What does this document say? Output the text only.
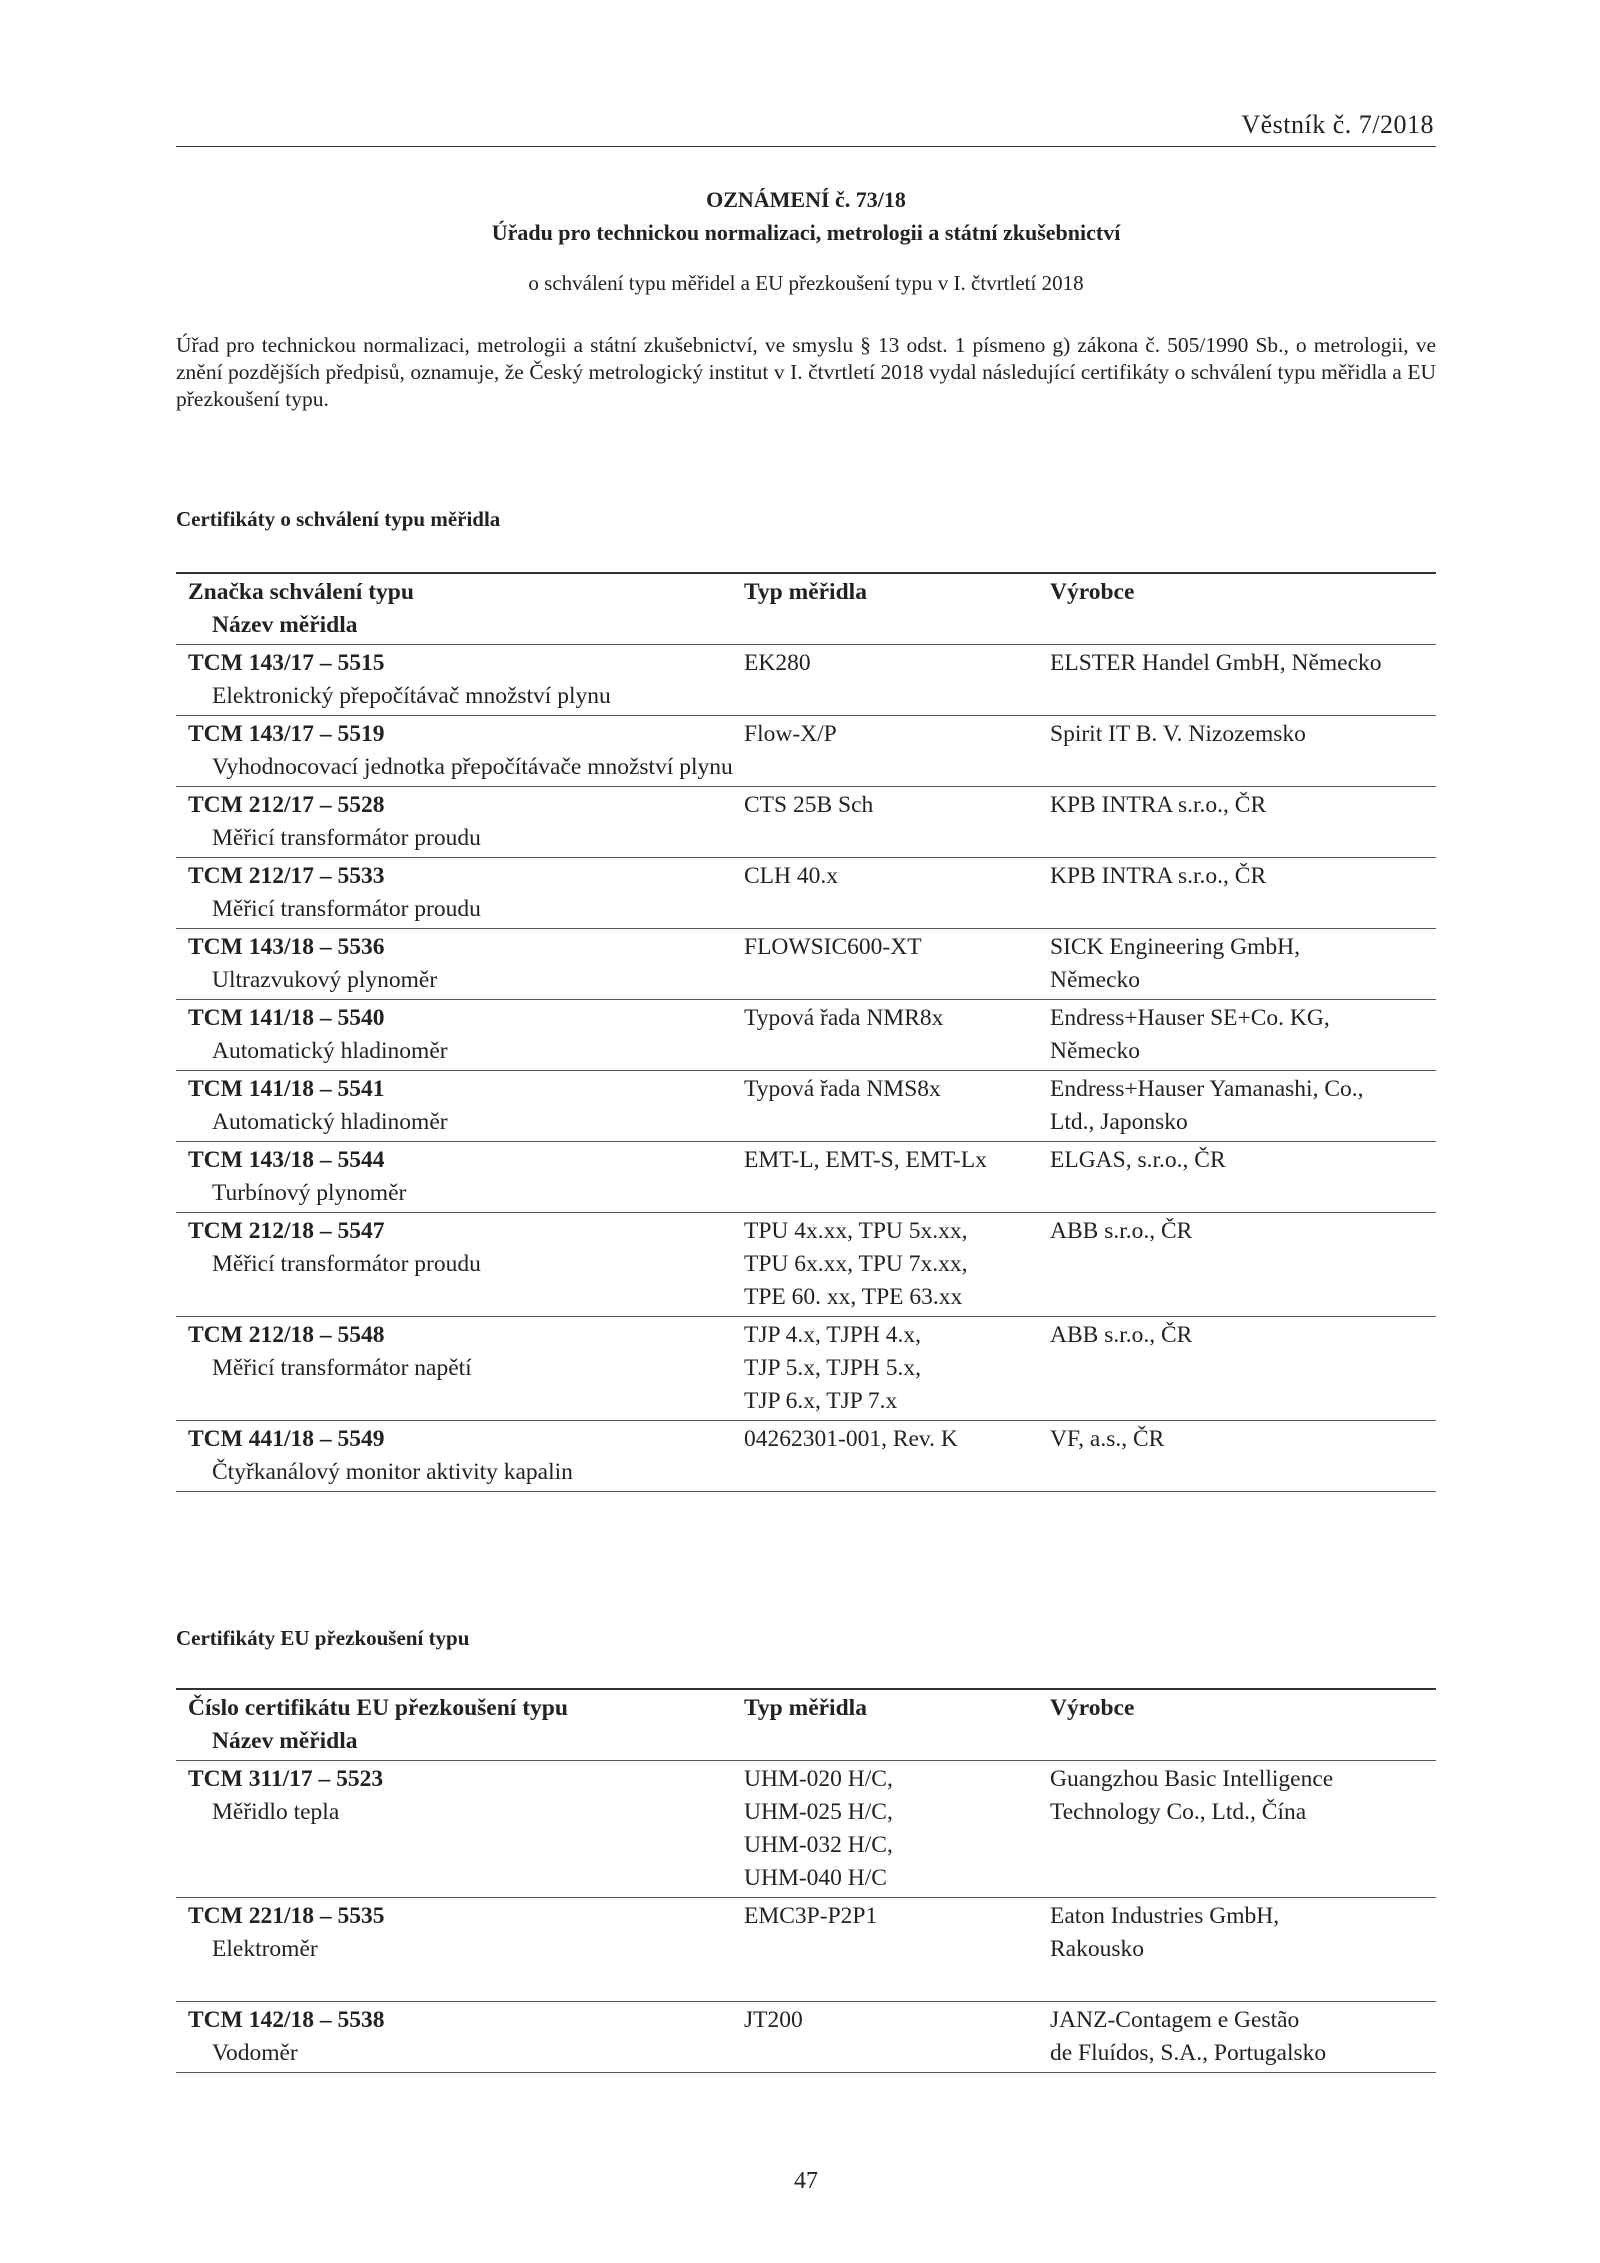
Věstník č. 7/2018
OZNÁMENÍ č. 73/18
Úřadu pro technickou normalizaci, metrologii a státní zkušebnictví
o schválení typu měřidel a EU přezkoušení typu v I. čtvrtletí 2018
Úřad pro technickou normalizaci, metrologii a státní zkušebnictví, ve smyslu § 13 odst. 1 písmeno g) zákona č. 505/1990 Sb., o metrologii, ve znění pozdějších předpisů, oznamuje, že Český metrologický institut v I. čtvrtletí 2018 vydal následující certifikáty o schválení typu měřidla a EU přezkoušení typu.
Certifikáty o schválení typu měřidla
Značka schválení typu
Název měřidla	Typ měřidla	Výrobce

TCM 143/17 – 5515
Elektronický přepočítávač množství plynu	EK280	ELSTER Handel GmbH, Německo

TCM 143/17 – 5519
Vyhodnocovací jednotka přepočítávače množství plynu	Flow-X/P	Spirit IT B. V. Nizozemsko

TCM 212/17 – 5528
Měřicí transformátor proudu	CTS 25B Sch	KPB INTRA s.r.o., ČR

TCM 212/17 – 5533
Měřicí transformátor proudu	CLH 40.x	KPB INTRA s.r.o., ČR

TCM 143/18 – 5536
Ultrazvukový plynoměr	FLOWSIC600-XT	SICK Engineering GmbH,
Německo

TCM 141/18 – 5540
Automatický hladinoměr	Typová řada NMR8x	Endress+Hauser SE+Co. KG,
Německo

TCM 141/18 – 5541
Automatický hladinoměr	Typová řada NMS8x	Endress+Hauser Yamanashi, Co.,
Ltd., Japonsko

TCM 143/18 – 5544
Turbínový plynoměr	EMT-L, EMT-S, EMT-Lx	ELGAS, s.r.o., ČR

TCM 212/18 – 5547
Měřicí transformátor proudu	TPU 4x.xx, TPU 5x.xx,
TPU 6x.xx, TPU 7x.xx,
TPE 60. xx, TPE 63.xx	ABB s.r.o., ČR

TCM 212/18 – 5548
Měřicí transformátor napětí	TJP 4.x, TJPH 4.x,
TJP 5.x, TJPH 5.x,
TJP 6.x, TJP 7.x	ABB s.r.o., ČR

TCM 441/18 – 5549
Čtyřkanálový monitor aktivity kapalin	04262301-001, Rev. K	VF, a.s., ČR
Certifikáty EU přezkoušení typu
Číslo certifikátu EU přezkoušení typu
Název měřidla	Typ měřidla	Výrobce

TCM 311/17 – 5523
Měřidlo tepla	UHM-020 H/C,
UHM-025 H/C,
UHM-032 H/C,
UHM-040 H/C	Guangzhou Basic Intelligence
Technology Co., Ltd., Čína

TCM 221/18 – 5535
Elektroměr	EMC3P-P2P1	Eaton Industries GmbH,
Rakousko

TCM 142/18 – 5538
Vodoměr	JT200	JANZ-Contagem e Gestão
de Fluídos, S.A., Portugalsko
47
